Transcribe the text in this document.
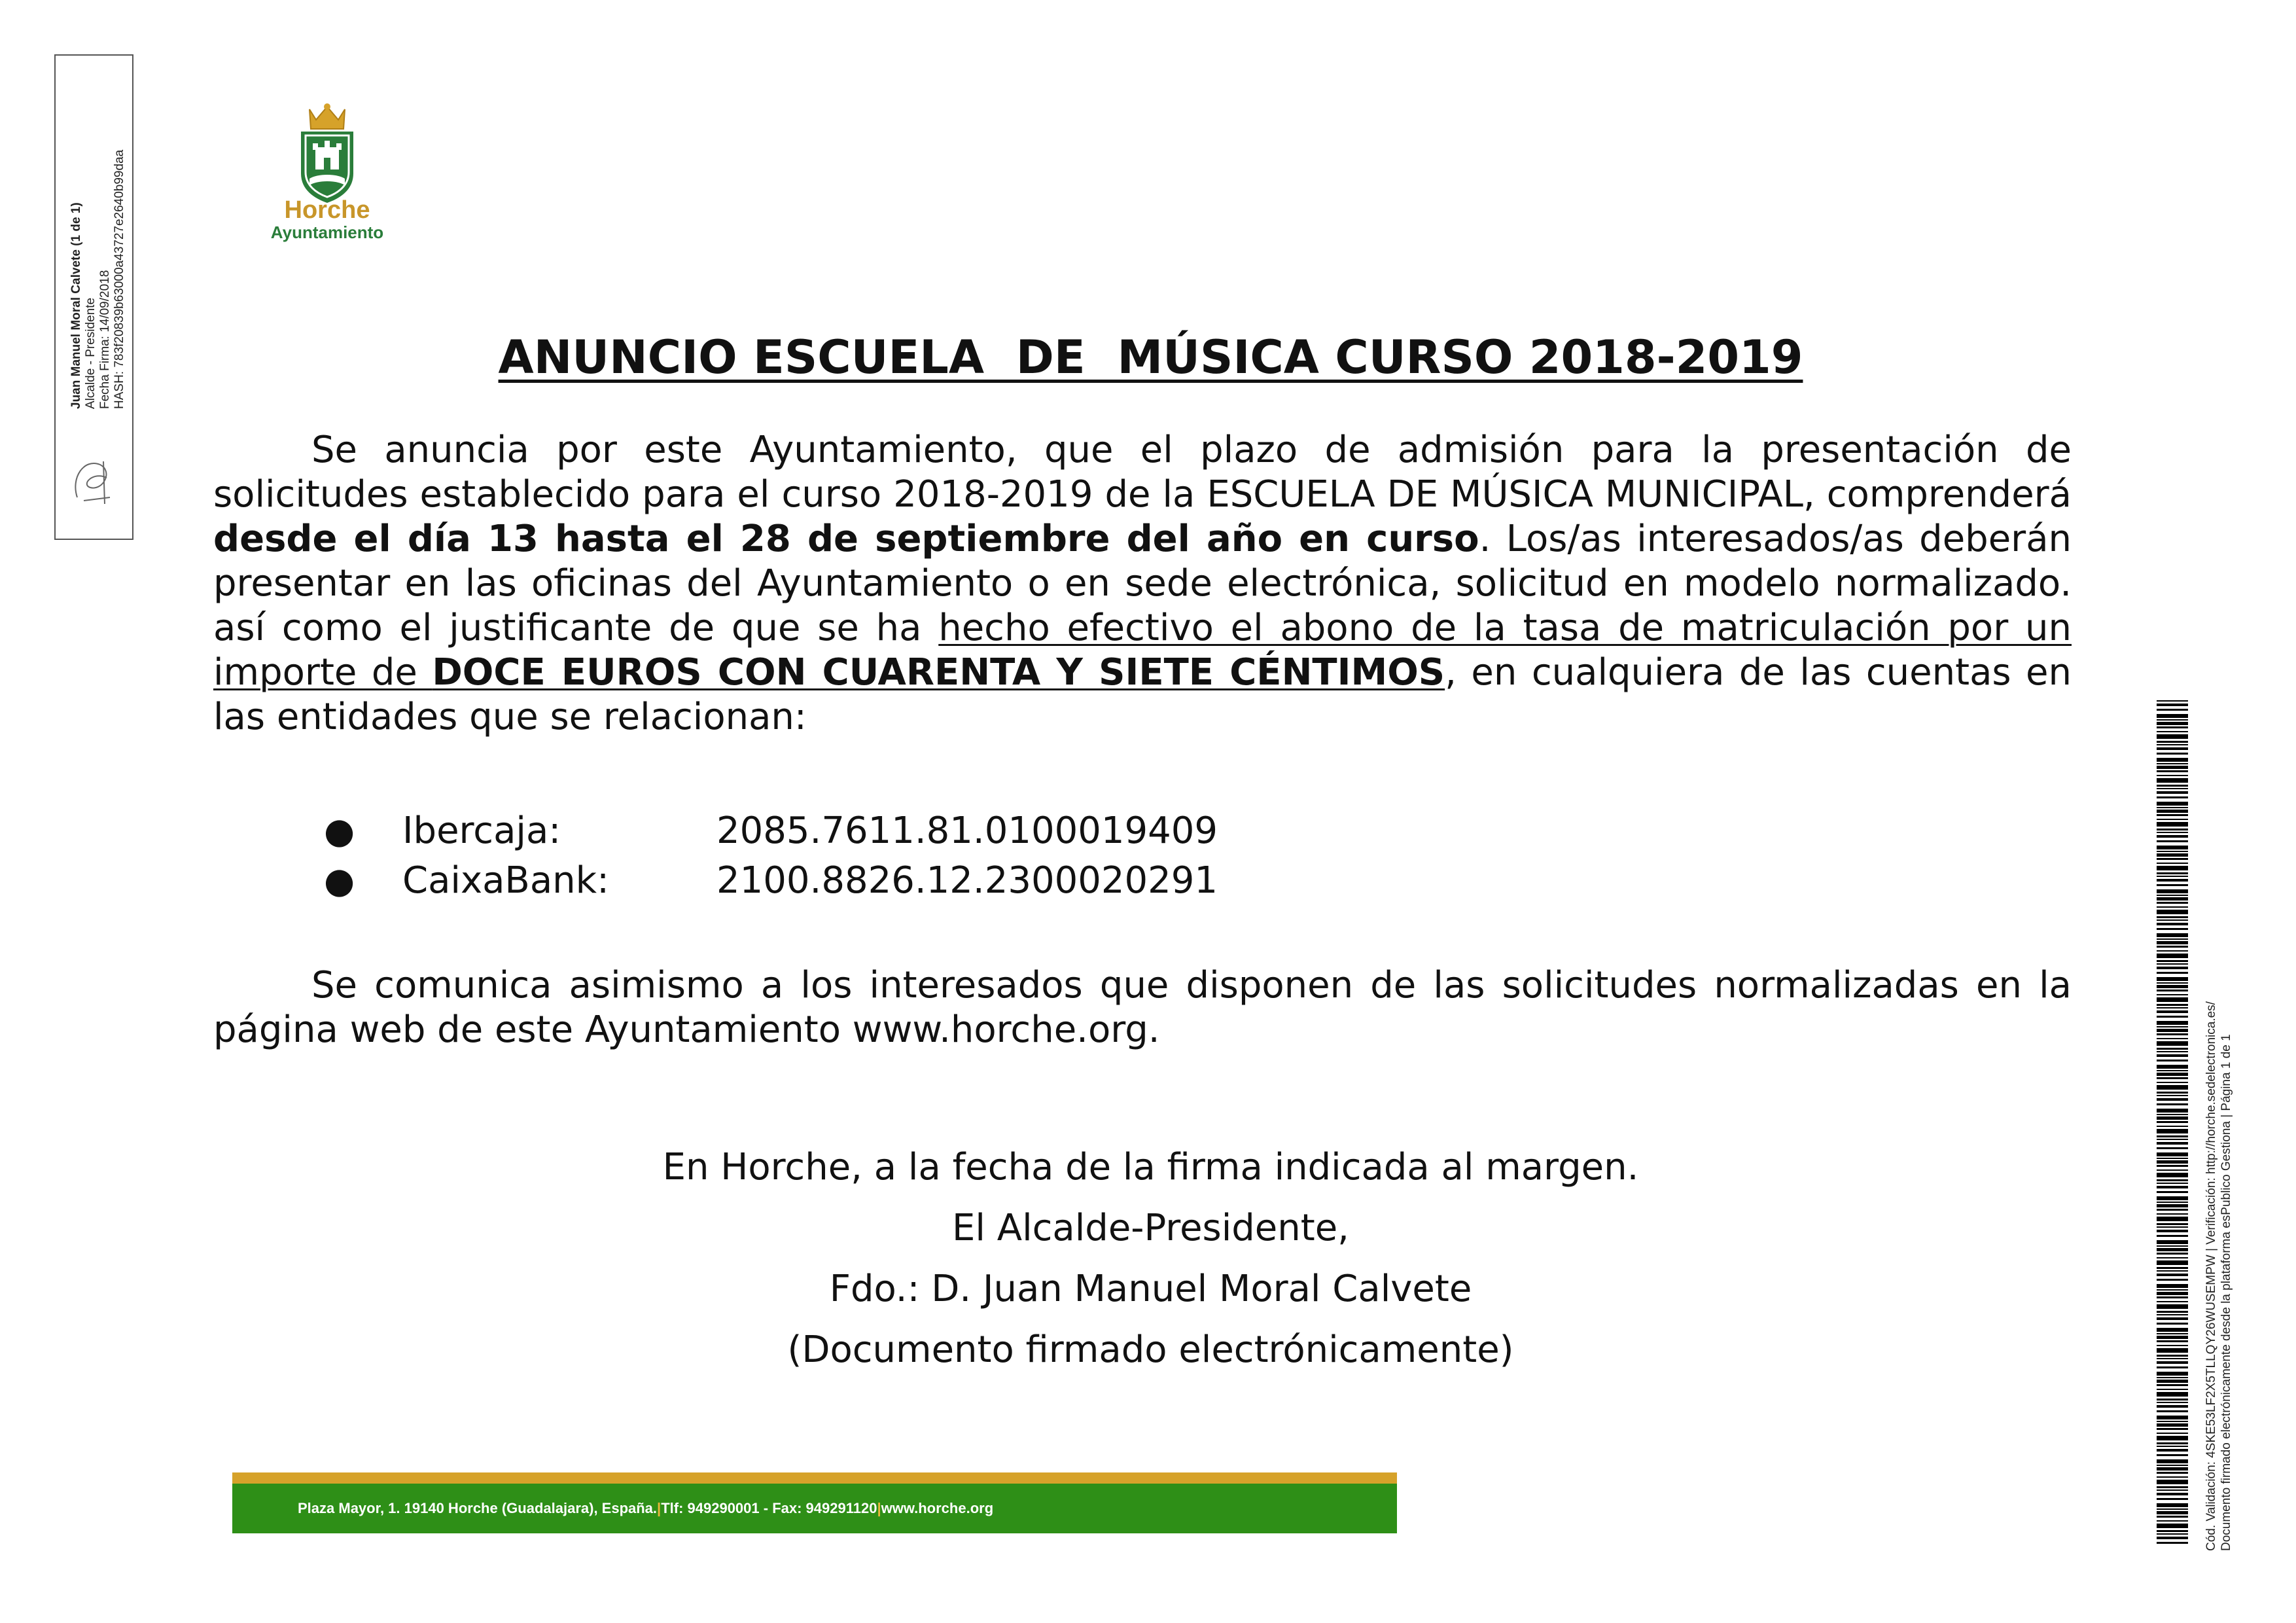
Juan Manuel Moral Calvete (1 de 1) Alcalde - Presidente Fecha Firma: 14/09/2018 HASH: 783f20839b63000a43727e2640b99daa	Horche
Ayuntamiento
ANUNCIO ESCUELA  DE  MÚSICA CURSO 2018-2019
Se anuncia por este Ayuntamiento, que el plazo de admisión para la presentación de solicitudes establecido para el curso 2018-2019 de la ESCUELA DE MÚSICA MUNICIPAL, comprenderá desde el día 13 hasta el 28 de septiembre del año en curso. Los/as interesados/as deberán presentar en las oficinas del Ayuntamiento o en sede electrónica, solicitud en modelo normalizado. así como el justificante de que se ha hecho efectivo el abono de la tasa de matriculación por un importe de DOCE EUROS CON CUARENTA Y SIETE CÉNTIMOS, en cualquiera de las cuentas en las entidades que se relacionan:
●	Ibercaja:	2085.7611.81.0100019409
●	CaixaBank:	2100.8826.12.2300020291
Se comunica asimismo a los interesados que disponen de las solicitudes normalizadas en la página web de este Ayuntamiento www.horche.org.
En Horche, a la fecha de la firma indicada al margen.
El Alcalde-Presidente,
Fdo.: D. Juan Manuel Moral Calvete
(Documento firmado electrónicamente)
Plaza Mayor, 1. 19140 Horche (Guadalajara), España. | Tlf: 949290001 - Fax: 949291120 | www.horche.org	Cód. Validación: 4SKE53LF2X5TLLQY26WUSEMPW | Verificación: http://horche.sedelectronica.es/ Documento firmado electrónicamente desde la plataforma esPublico Gestiona | Página 1 de 1
